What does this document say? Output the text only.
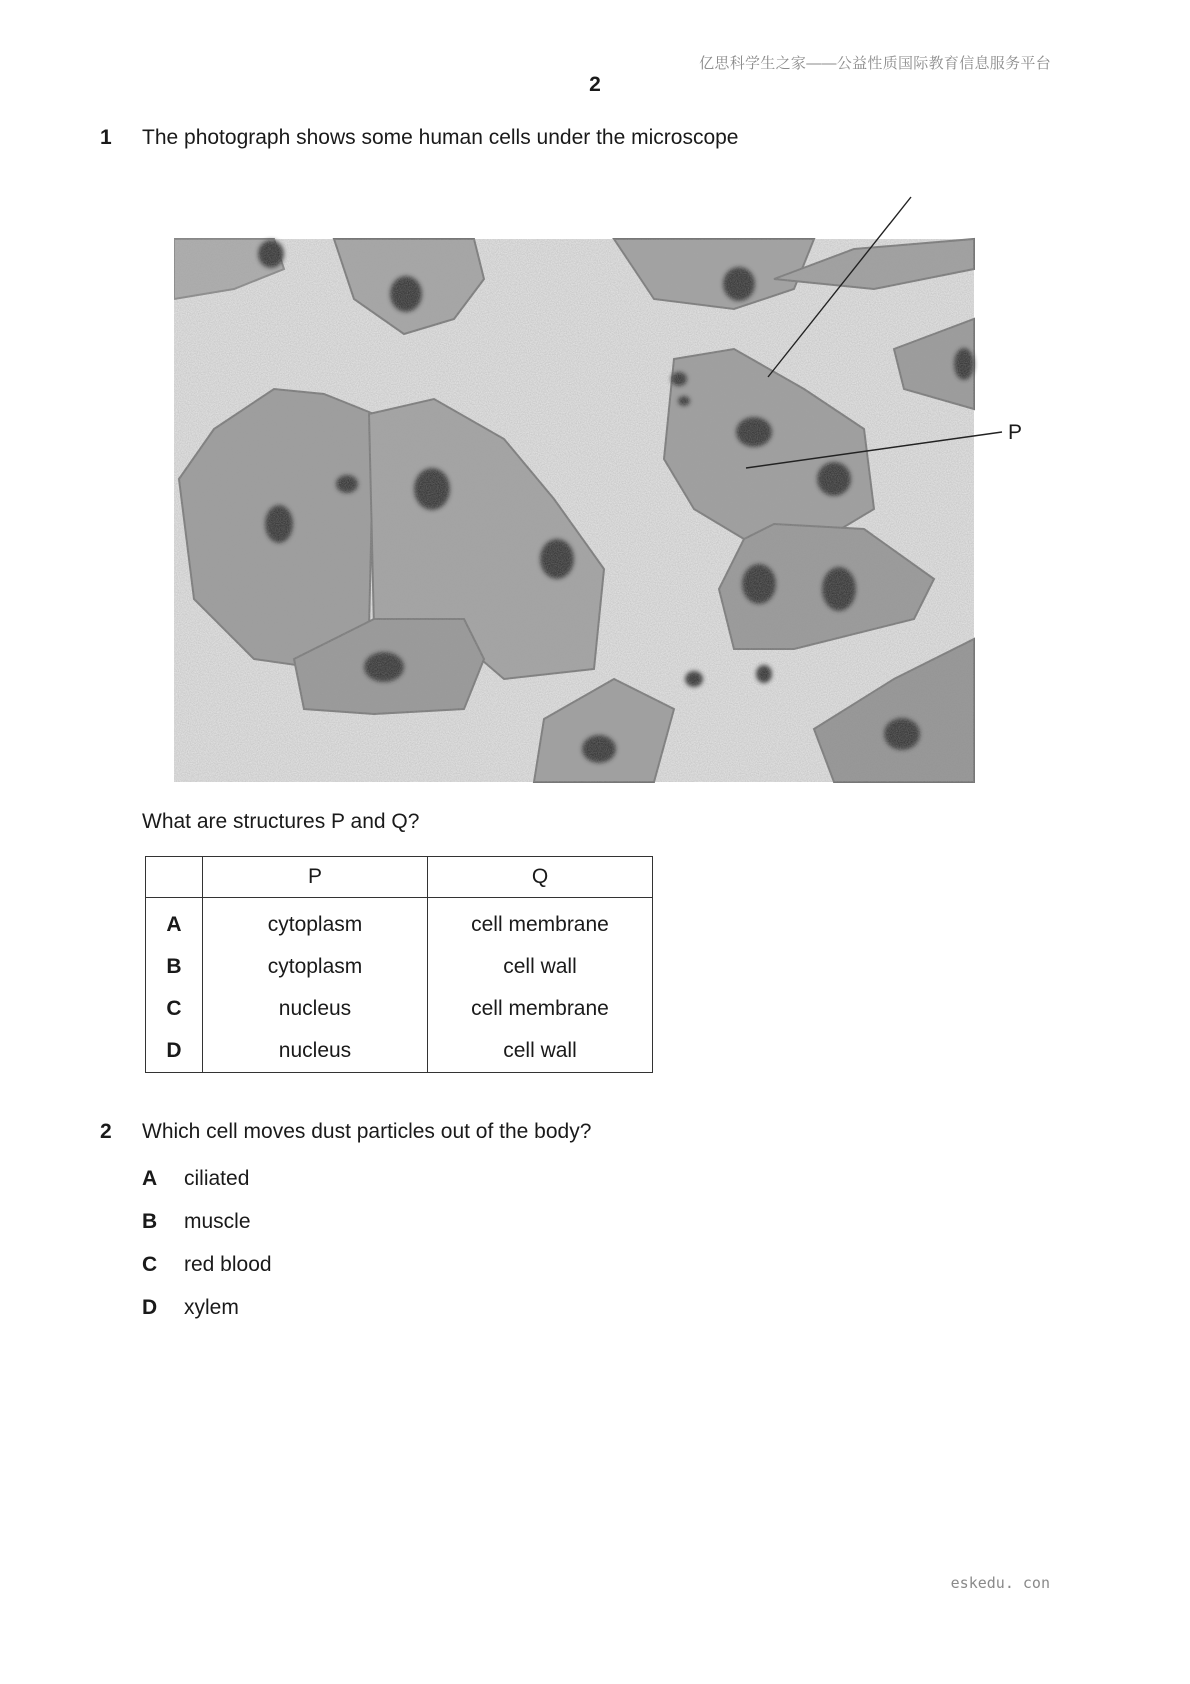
亿思科学生之家——公益性质国际教育信息服务平台
2
1 The photograph shows some human cells under the microscope
P
What are structures P and Q?
	P	Q
A	cytoplasm	cell membrane
B	cytoplasm	cell wall
C	nucleus	cell membrane
D	nucleus	cell wall
2 Which cell moves dust particles out of the body?
A ciliated
B muscle
C red blood
D xylem
eskedu. con
